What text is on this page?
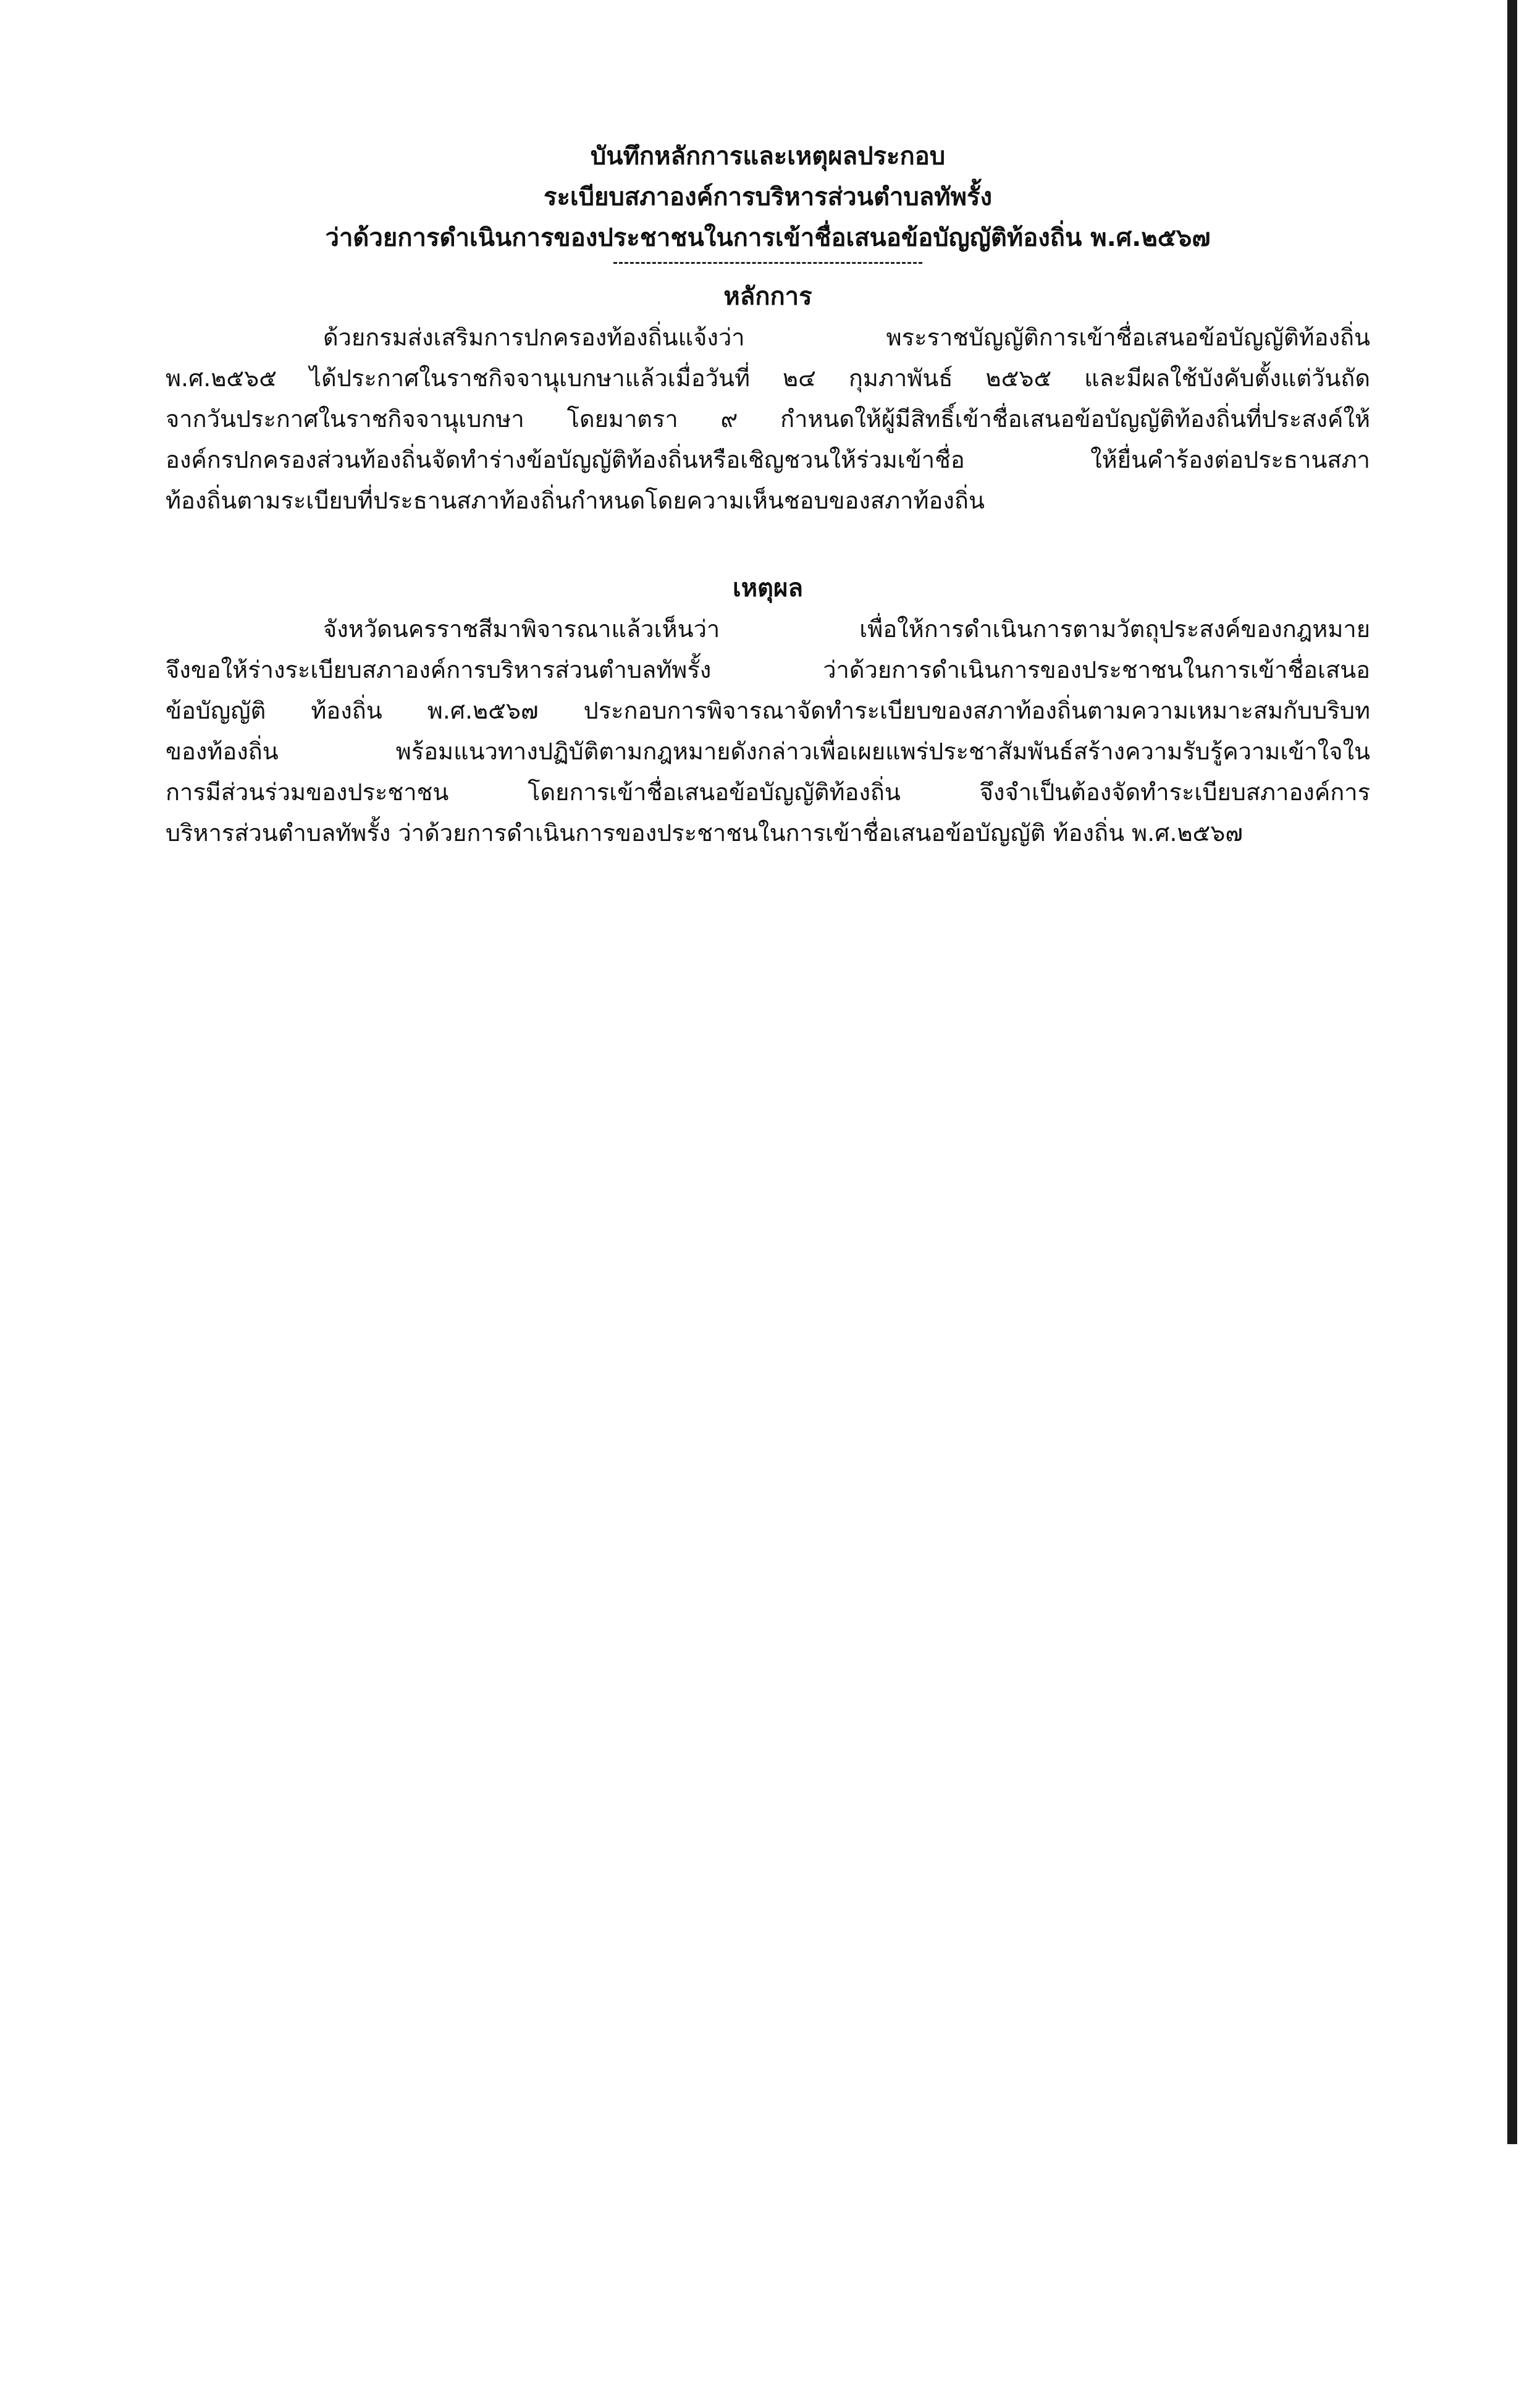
บันทึกหลักการและเหตุผลประกอบ
ระเบียบสภาองค์การบริหารส่วนตำบลทัพรั้ง
ว่าด้วยการดำเนินการของประชาชนในการเข้าชื่อเสนอข้อบัญญัติท้องถิ่น พ.ศ.๒๕๖๗
หลักการ
ด้วยกรมส่งเสริมการปกครองท้องถิ่นแจ้งว่า พระราชบัญญัติการเข้าชื่อเสนอข้อบัญญัติท้องถิ่น
พ.ศ.๒๕๖๕ ได้ประกาศในราชกิจจานุเบกษาแล้วเมื่อวันที่ ๒๔ กุมภาพันธ์ ๒๕๖๕ และมีผลใช้บังคับตั้งแต่วันถัด
จากวันประกาศในราชกิจจานุเบกษา โดยมาตรา ๙ กำหนดให้ผู้มีสิทธิ์เข้าชื่อเสนอข้อบัญญัติท้องถิ่นที่ประสงค์ให้
องค์กรปกครองส่วนท้องถิ่นจัดทำร่างข้อบัญญัติท้องถิ่นหรือเชิญชวนให้ร่วมเข้าชื่อ ให้ยื่นคำร้องต่อประธานสภา
ท้องถิ่นตามระเบียบที่ประธานสภาท้องถิ่นกำหนดโดยความเห็นชอบของสภาท้องถิ่น
เหตุผล
จังหวัดนครราชสีมาพิจารณาแล้วเห็นว่า เพื่อให้การดำเนินการตามวัตถุประสงค์ของกฎหมาย
จึงขอให้ร่างระเบียบสภาองค์การบริหารส่วนตำบลทัพรั้ง ว่าด้วยการดำเนินการของประชาชนในการเข้าชื่อเสนอ
ข้อบัญญัติ ท้องถิ่น พ.ศ.๒๕๖๗ ประกอบการพิจารณาจัดทำระเบียบของสภาท้องถิ่นตามความเหมาะสมกับบริบท
ของท้องถิ่น พร้อมแนวทางปฏิบัติตามกฎหมายดังกล่าวเพื่อเผยแพร่ประชาสัมพันธ์สร้างความรับรู้ความเข้าใจใน
การมีส่วนร่วมของประชาชน โดยการเข้าชื่อเสนอข้อบัญญัติท้องถิ่น จึงจำเป็นต้องจัดทำระเบียบสภาองค์การ
บริหารส่วนตำบลทัพรั้ง ว่าด้วยการดำเนินการของประชาชนในการเข้าชื่อเสนอข้อบัญญัติ ท้องถิ่น พ.ศ.๒๕๖๗
